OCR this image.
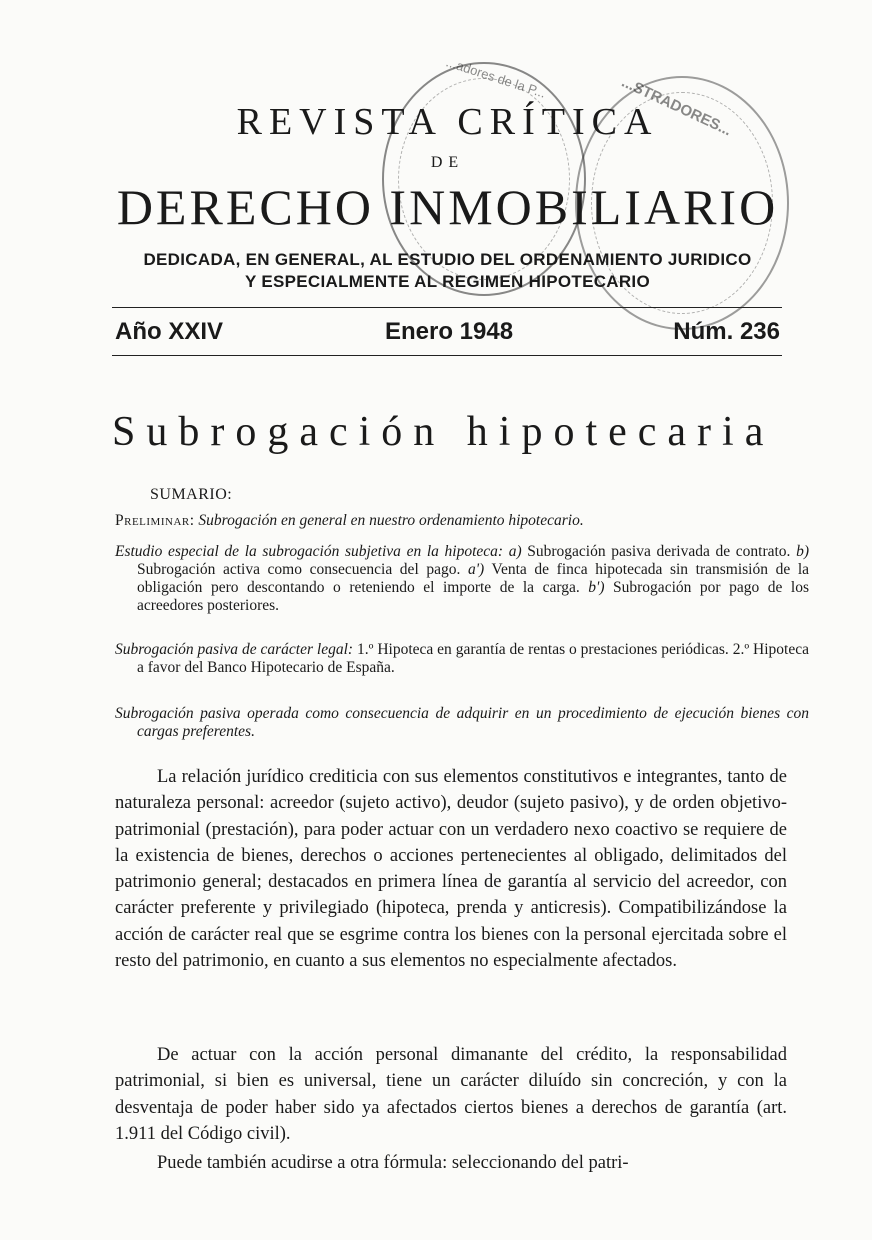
...adores de la P...	...STRADORES...
REVISTA CRÍTICA
DE
DERECHO INMOBILIARIO
DEDICADA, EN GENERAL, AL ESTUDIO DEL ORDENAMIENTO JURIDICO
Y ESPECIALMENTE AL REGIMEN HIPOTECARIO
Año XXIV	Enero 1948	Núm. 236
Subrogación hipotecaria
SUMARIO:
Preliminar: Subrogación en general en nuestro ordenamiento hipotecario.
Estudio especial de la subrogación subjetiva en la hipoteca: a) Subrogación pasiva derivada de contrato. b) Subrogación activa como consecuencia del pago. a') Venta de finca hipotecada sin transmisión de la obligación pero descontando o reteniendo el importe de la carga. b') Subrogación por pago de los acreedores posteriores.
Subrogación pasiva de carácter legal: 1.º Hipoteca en garantía de rentas o prestaciones periódicas. 2.º Hipoteca a favor del Banco Hipotecario de España.
Subrogación pasiva operada como consecuencia de adquirir en un procedimiento de ejecución bienes con cargas preferentes.

La relación jurídico crediticia con sus elementos constitutivos e integrantes, tanto de naturaleza personal: acreedor (sujeto activo), deudor (sujeto pasivo), y de orden objetivo-patrimonial (prestación), para poder actuar con un verdadero nexo coactivo se requiere de la existencia de bienes, derechos o acciones pertenecientes al obligado, delimitados del patrimonio general; destacados en primera línea de garantía al servicio del acreedor, con carácter preferente y privilegiado (hipoteca, prenda y anticresis). Compatibilizándose la acción de carácter real que se esgrime contra los bienes con la personal ejercitada sobre el resto del patrimonio, en cuanto a sus elementos no especialmente afectados.

De actuar con la acción personal dimanante del crédito, la responsabilidad patrimonial, si bien es universal, tiene un carácter diluído sin concreción, y con la desventaja de poder haber sido ya afectados ciertos bienes a derechos de garantía (art. 1.911 del Código civil).

Puede también acudirse a otra fórmula: seleccionando del patri-
